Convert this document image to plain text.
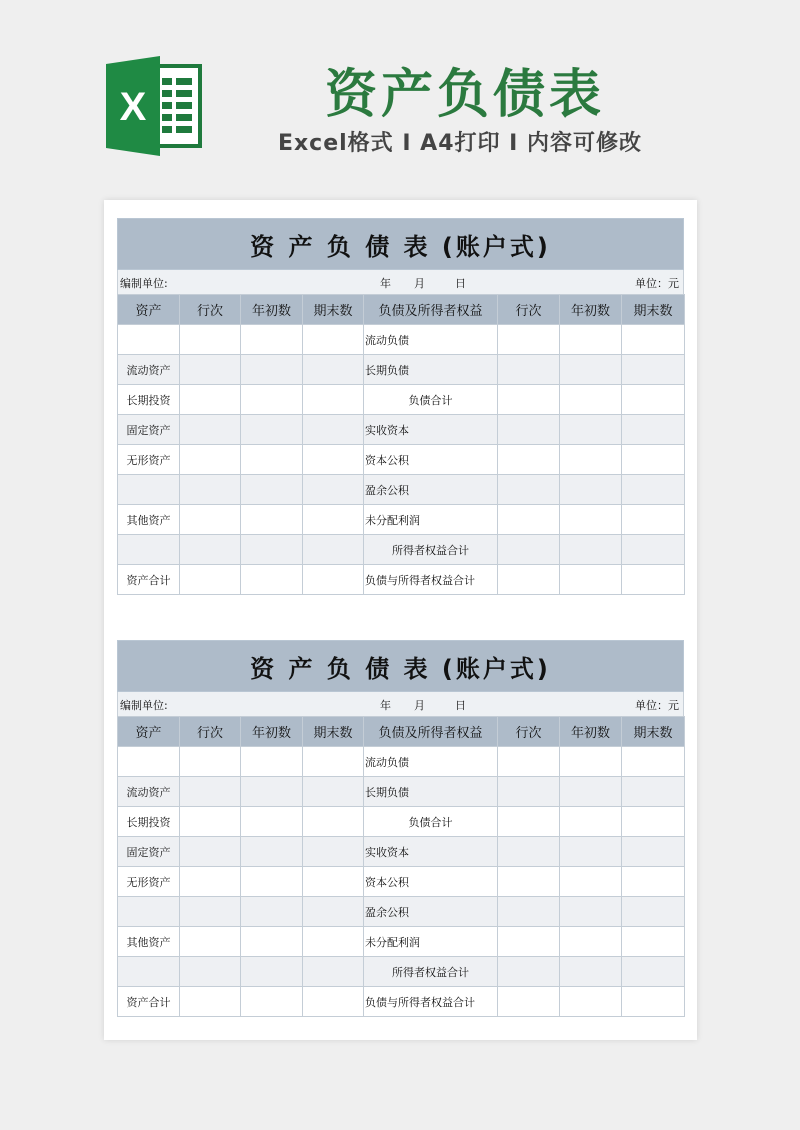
X	资产负债表
Excel格式 I A4打印 I 内容可修改
资 产 负 债 表 (账户式)
编制单位:	年 月	日	单位：元
资产	行次	年初数	期末数	负债及所得者权益	行次	年初数	期末数
				流动负债			
流动资产				长期负债			
长期投资				负债合计			
固定资产				实收资本			
无形资产				资本公积			
				盈余公积			
其他资产				未分配利润			
				所得者权益合计			
资产合计				负债与所得者权益合计			
资 产 负 债 表 (账户式)
编制单位:	年 月	日	单位：元
资产	行次	年初数	期末数	负债及所得者权益	行次	年初数	期末数
				流动负债			
流动资产				长期负债			
长期投资				负债合计			
固定资产				实收资本			
无形资产				资本公积			
				盈余公积			
其他资产				未分配利润			
				所得者权益合计			
资产合计				负债与所得者权益合计			
